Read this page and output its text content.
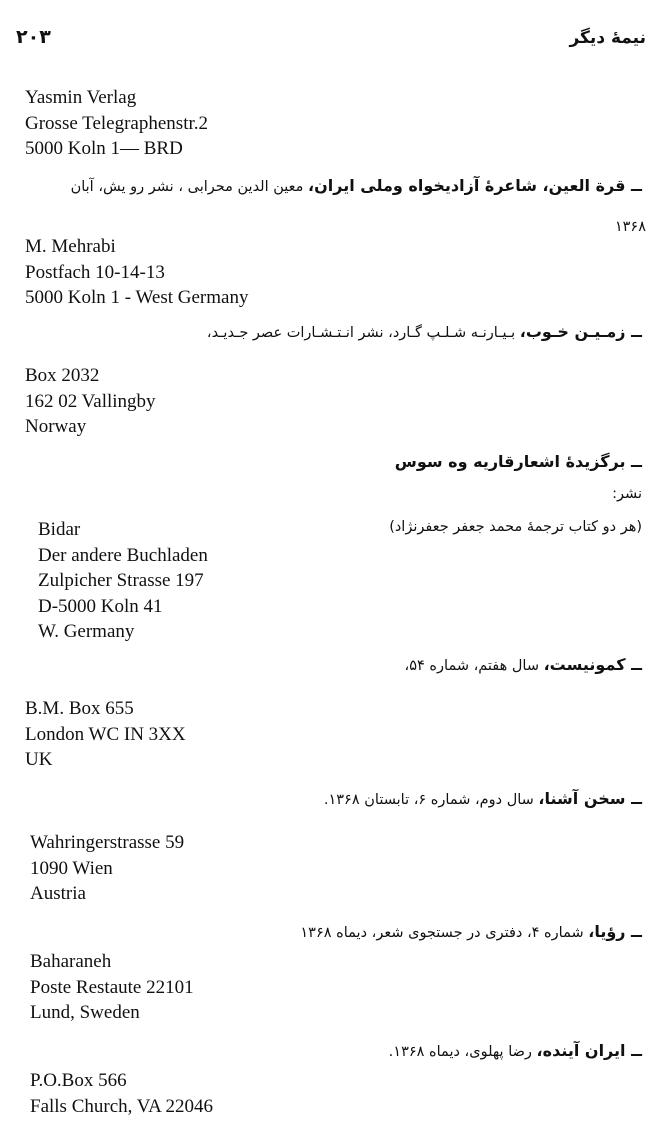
نیمهٔ دیگر
۲۰۳
Yasmin Verlag
Grosse Telegraphenstr.2
5000 Koln 1— BRD
ــ قرة العین، شاعرهٔ آزادیخواه وملی ایران، معین الدین محرابی ، نشر رو یش، آبان
۱۳۶۸
M. Mehrabi
Postfach 10-14-13
5000 Koln 1 - West Germany
ــ زمـیـن خـوب، بـیـارنـه شـلـپ گـارد، نشر انـتـشـارات عصر جـدیـد،
Box 2032
162 02 Vallingby
Norway
ــ برگزیدهٔ اشعارقاریه وه سوس
نشر:
(هر دو کتاب ترجمهٔ محمد جعفر جعفرنژاد)
Bidar
Der andere Buchladen
Zulpicher Strasse 197
D-5000 Koln 41
W. Germany
ــ کمونیست، سال هفتم، شماره ۵۴،
B.M. Box 655
London WC IN 3XX
UK
ــ سخن آشنا، سال دوم، شماره ۶، تابستان ۱۳۶۸.
Wahringerstrasse 59
1090 Wien
Austria
ــ رؤیا، شماره ۴، دفتری در جستجوی شعر، دیماه ۱۳۶۸
Baharaneh
Poste Restaute 22101
Lund, Sweden
ــ ایران آینده، رضا پهلوی، دیماه ۱۳۶۸.
P.O.Box 566
Falls Church, VA 22046
